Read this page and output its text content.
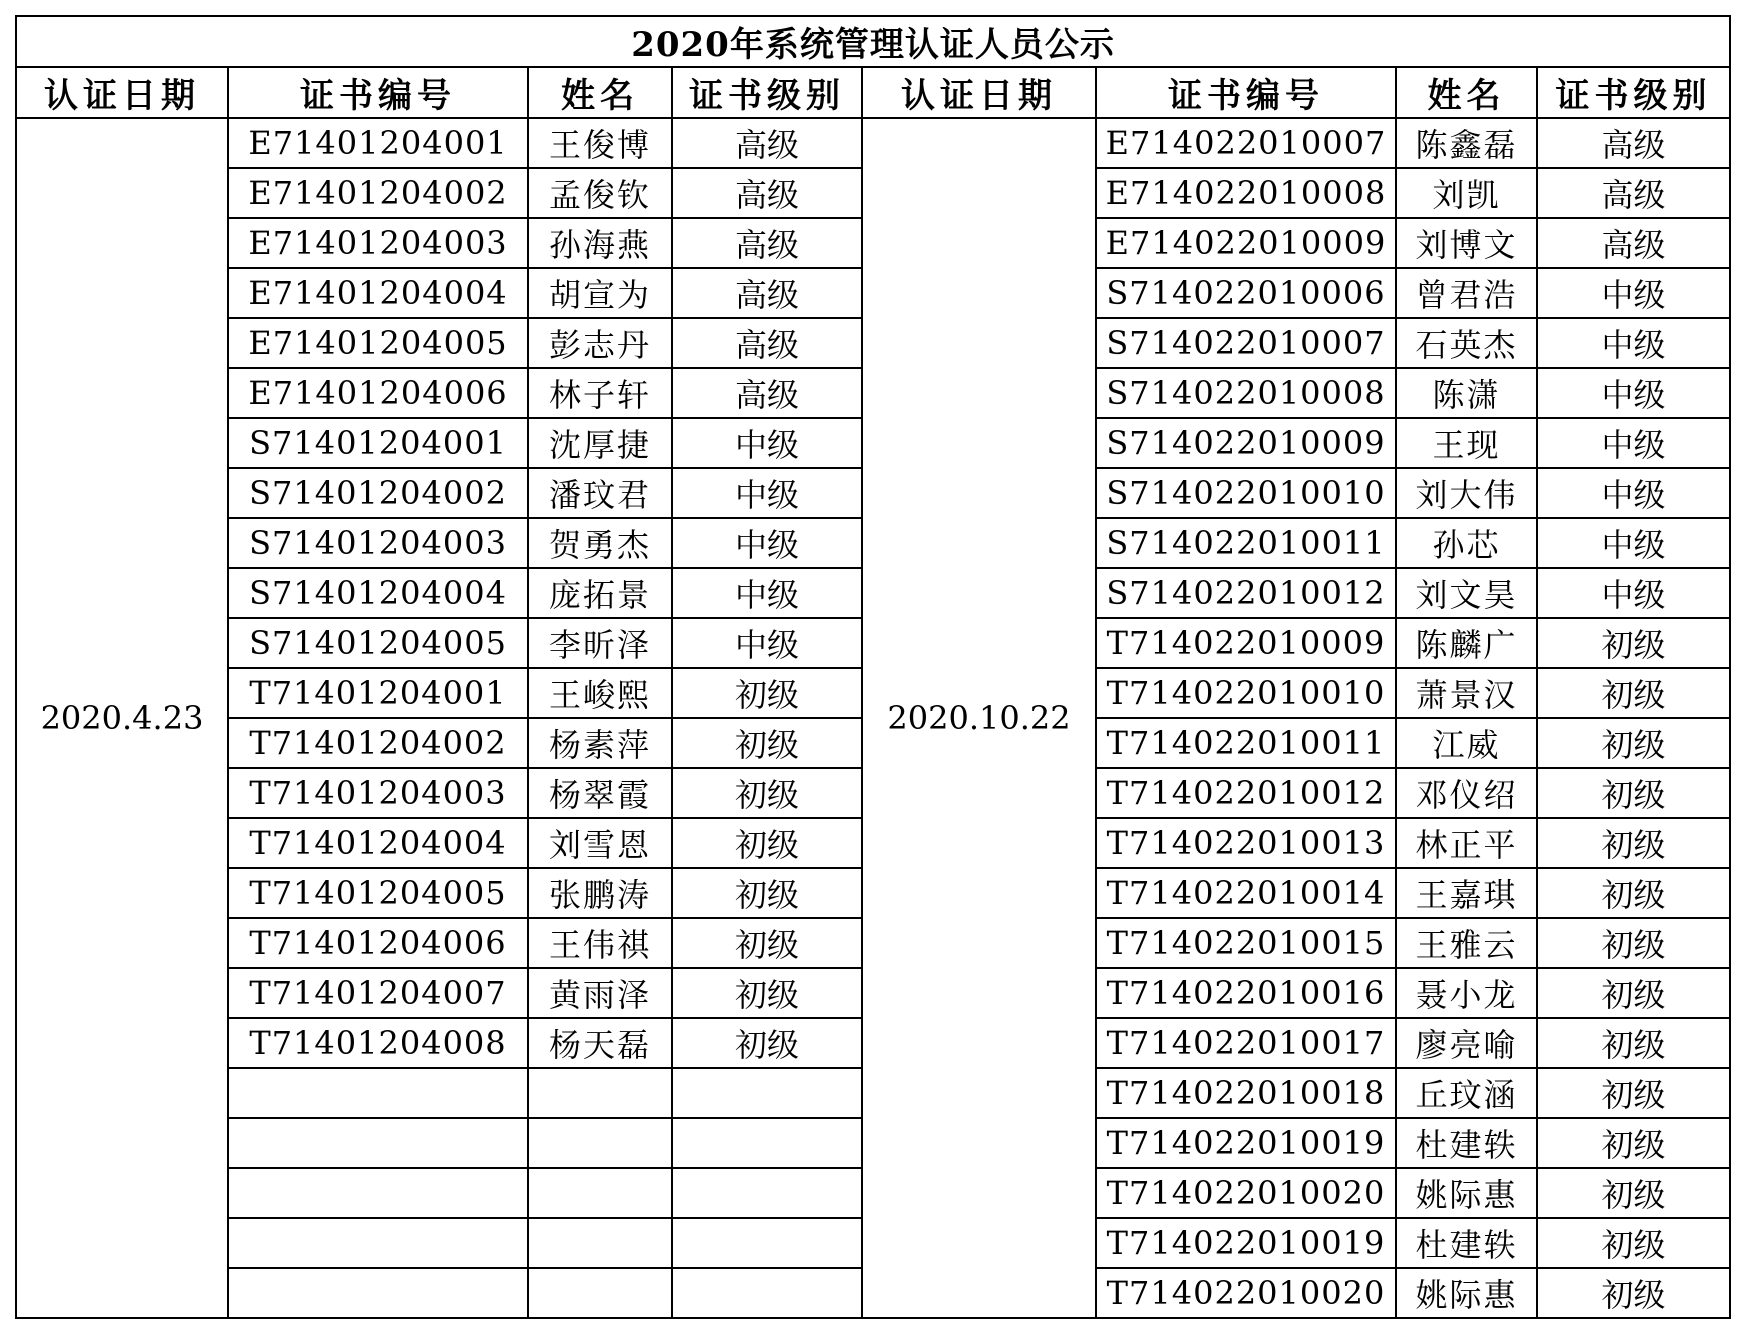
2020年系统管理认证人员公示							
认证日期	证书编号	姓名	证书级别	认证日期	证书编号	姓名	证书级别
2020.4.23	E71401204001	王俊博	高级	2020.10.22	E714022010007	陈鑫磊	高级
	E71401204002	孟俊钦	高级		E714022010008	刘凯	高级
	E71401204003	孙海燕	高级		E714022010009	刘博文	高级
	E71401204004	胡宣为	高级		S714022010006	曾君浩	中级
	E71401204005	彭志丹	高级		S714022010007	石英杰	中级
	E71401204006	林子轩	高级		S714022010008	陈潇	中级
	S71401204001	沈厚捷	中级		S714022010009	王现	中级
	S71401204002	潘玟君	中级		S714022010010	刘大伟	中级
	S71401204003	贺勇杰	中级		S714022010011	孙芯	中级
	S71401204004	庞拓景	中级		S714022010012	刘文昊	中级
	S71401204005	李昕泽	中级		T714022010009	陈麟广	初级
	T71401204001	王峻熙	初级		T714022010010	萧景汉	初级
	T71401204002	杨素萍	初级		T714022010011	江威	初级
	T71401204003	杨翠霞	初级		T714022010012	邓仪绍	初级
	T71401204004	刘雪恩	初级		T714022010013	林正平	初级
	T71401204005	张鹏涛	初级		T714022010014	王嘉琪	初级
	T71401204006	王伟祺	初级		T714022010015	王雅云	初级
	T71401204007	黄雨泽	初级		T714022010016	聂小龙	初级
	T71401204008	杨天磊	初级		T714022010017	廖亮喻	初级
					T714022010018	丘玟涵	初级
					T714022010019	杜建轶	初级
					T714022010020	姚际惠	初级
					T714022010019	杜建轶	初级
					T714022010020	姚际惠	初级
